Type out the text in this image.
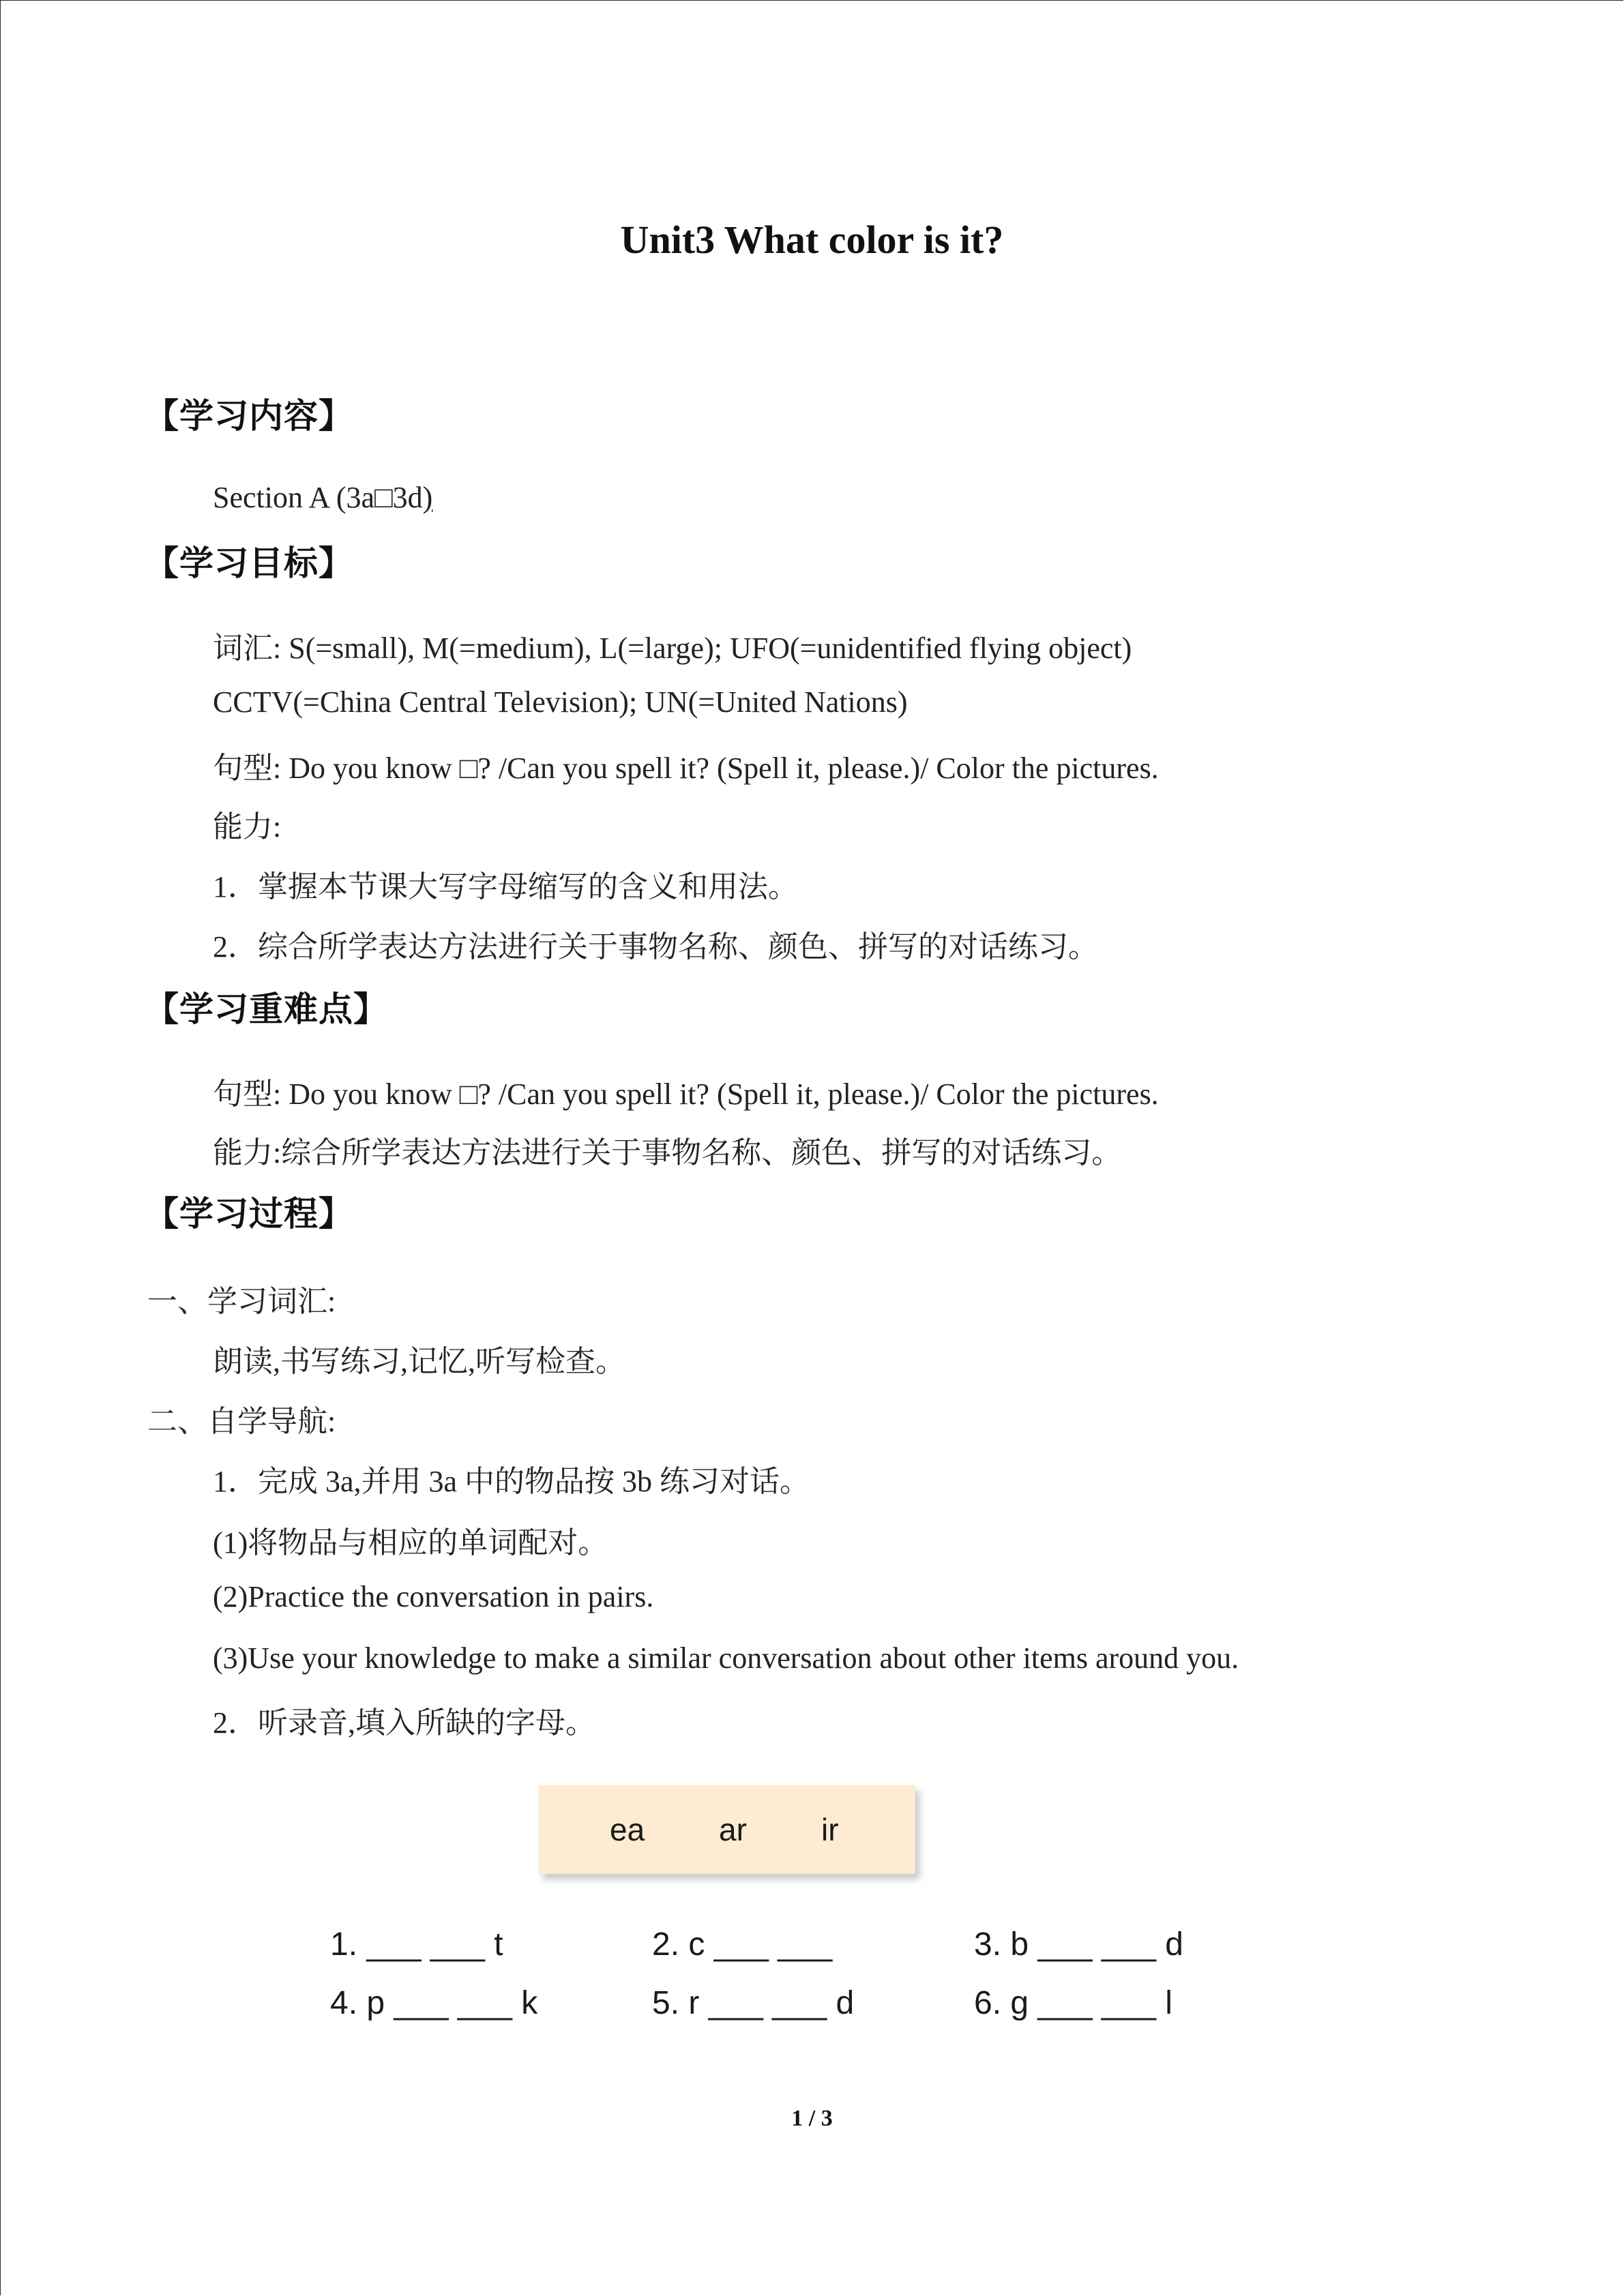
Unit3 What color is it?
【学习内容】
Section A (3a□3d)
【学习目标】
词汇: S(=small), M(=medium), L(=large); UFO(=unidentified flying object)
CCTV(=China Central Television); UN(=United Nations)
句型: Do you know □? /Can you spell it? (Spell it, please.)/ Color the pictures.
能力:
1．掌握本节课大写字母缩写的含义和用法。
2．综合所学表达方法进行关于事物名称、颜色、拼写的对话练习。
【学习重难点】
句型: Do you know □? /Can you spell it? (Spell it, please.)/ Color the pictures.
能力:综合所学表达方法进行关于事物名称、颜色、拼写的对话练习。
【学习过程】
一、学习词汇:
朗读,书写练习,记忆,听写检查。
二、自学导航:
1．完成 3a,并用 3a 中的物品按 3b 练习对话。
(1)将物品与相应的单词配对。
(2)Practice the conversation in pairs.
(3)Use your knowledge to make a similar conversation about other items around you.
2．听录音,填入所缺的字母。
ea ar ir
1. ___ ___ t	2. c ___ ___	3. b ___ ___ d
4. p ___ ___ k	5. r ___ ___ d	6. g ___ ___ l
1 / 3
